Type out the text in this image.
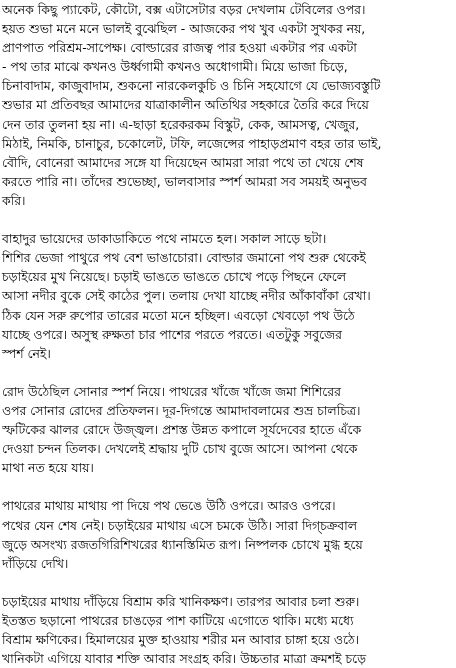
অনেক কিছু প্যাকেট, কৌটো, বক্স এটাসেটার বড়র দেখলাম টেবিলের ওপর।
হয়ত শুভা মনে মনে ভালই বুঝেছিল - আজকের পথ খুব একটা সুখকর নয়,
প্রাণপাত পরিশ্রম-সাপেক্ষ। বোল্ডারের রাজত্ব পার হওয়া একটার পর একটা
- পথ তার মাঝে কখনও উর্ধ্বগামী কখনও অধোগামী। মিয়ে ভাজা চিড়ে,
চিনাবাদাম, কাজুবাদাম, শুকনো নারকেলকুচি ও চিনি সহযোগে যে ভোজ্যবস্তুটি
শুভার মা প্রতিবছর আমাদের যাত্রাকালীন অতিথির সহকারে তৈরি করে দিয়ে
দেন তার তুলনা হয় না। এ-ছাড়া হরেকরকম বিস্কুট, কেক, আমসত্ব, খেজুর,
মিঠাই, নিমকি, চানাচুর, চকোলেট, টফি, লজেন্সের পাহাড়প্রমাণ বহর তার ভাই,
বৌদি, বোনেরা আমাদের সঙ্গে যা দিয়েছেন আমরা সারা পথে তা খেয়ে শেষ
করতে পারি না। তাঁদের শুভেচ্ছা, ভালবাসার স্পর্শ আমরা সব সময়ই অনুভব
করি।
বাহাদুর ভায়েদের ডাকাডাকিতে পথে নামতে হল। সকাল সাড়ে ছটা।
শিশির ভেজা পাথুরে পথ বেশ ভাঙাচোরা। বোল্ডার জমানো পথ শুরু থেকেই
চড়াইয়ের মুখ নিয়েছে। চড়াই ভাঙতে ভাঙতে চোখে পড়ে পিছনে ফেলে
আসা নদীর বুকে সেই কাঠের পুল। তলায় দেখা যাচ্ছে নদীর আঁকাবাঁকা রেখা।
ঠিক যেন সরু রুপোর তারের মতো মনে হচ্ছিল। এবড়ো খেবড়ো পথ উঠে
যাচ্ছে ওপরে। অসুস্থ রুক্ষতা চার পাশের পরতে পরতে। এতটুকু সবুজের
স্পর্শ নেই।
রোদ উঠেছিল সোনার স্পর্শ নিয়ে। পাথরের খাঁজে খাঁজে জমা শিশিরের
ওপর সোনার রোদের প্রতিফলন। দূর-দিগন্তে আমাদাবলামের শুভ্র চালচিত্র।
স্ফটিকের ঝালর রোদে উজ্জ্বল। প্রশস্ত উন্নত কপালে সূর্যদেবের হাতে এঁকে
দেওয়া চন্দন তিলক। দেখলেই শ্রদ্ধায় দুটি চোখ বুজে আসে। আপনা থেকে
মাথা নত হয়ে যায়।
পাথরের মাথায় মাথায় পা দিয়ে পথ ভেঙে উঠি ওপরে। আরও ওপরে।
পথের যেন শেষ নেই। চড়াইয়ের মাথায় এসে চমকে উঠি। সারা দিগ্চক্রবাল
জুড়ে অসংখ্য রজতগিরিশিখরের ধ্যানস্তিমিত রূপ। নিষ্পলক চোখে মুগ্ধ হয়ে
দাঁড়িয়ে দেখি।
চড়াইয়ের মাথায় দাঁড়িয়ে বিশ্রাম করি খানিকক্ষণ। তারপর আবার চলা শুরু।
ইতস্তত ছড়ানো পাথরের চাঙড়ের পাশ কাটিয়ে এগোতে থাকি। মধ্যে মধ্যে
বিশ্রাম ক্ষণিকের। হিমালয়ের মুক্ত হাওয়ায় শরীর মন আবার চাঙ্গা হয়ে ওঠে।
খানিকটা এগিয়ে যাবার শক্তি আবার সংগ্রহ করি। উচ্চতার মাত্রা ক্রমশই চড়ে
